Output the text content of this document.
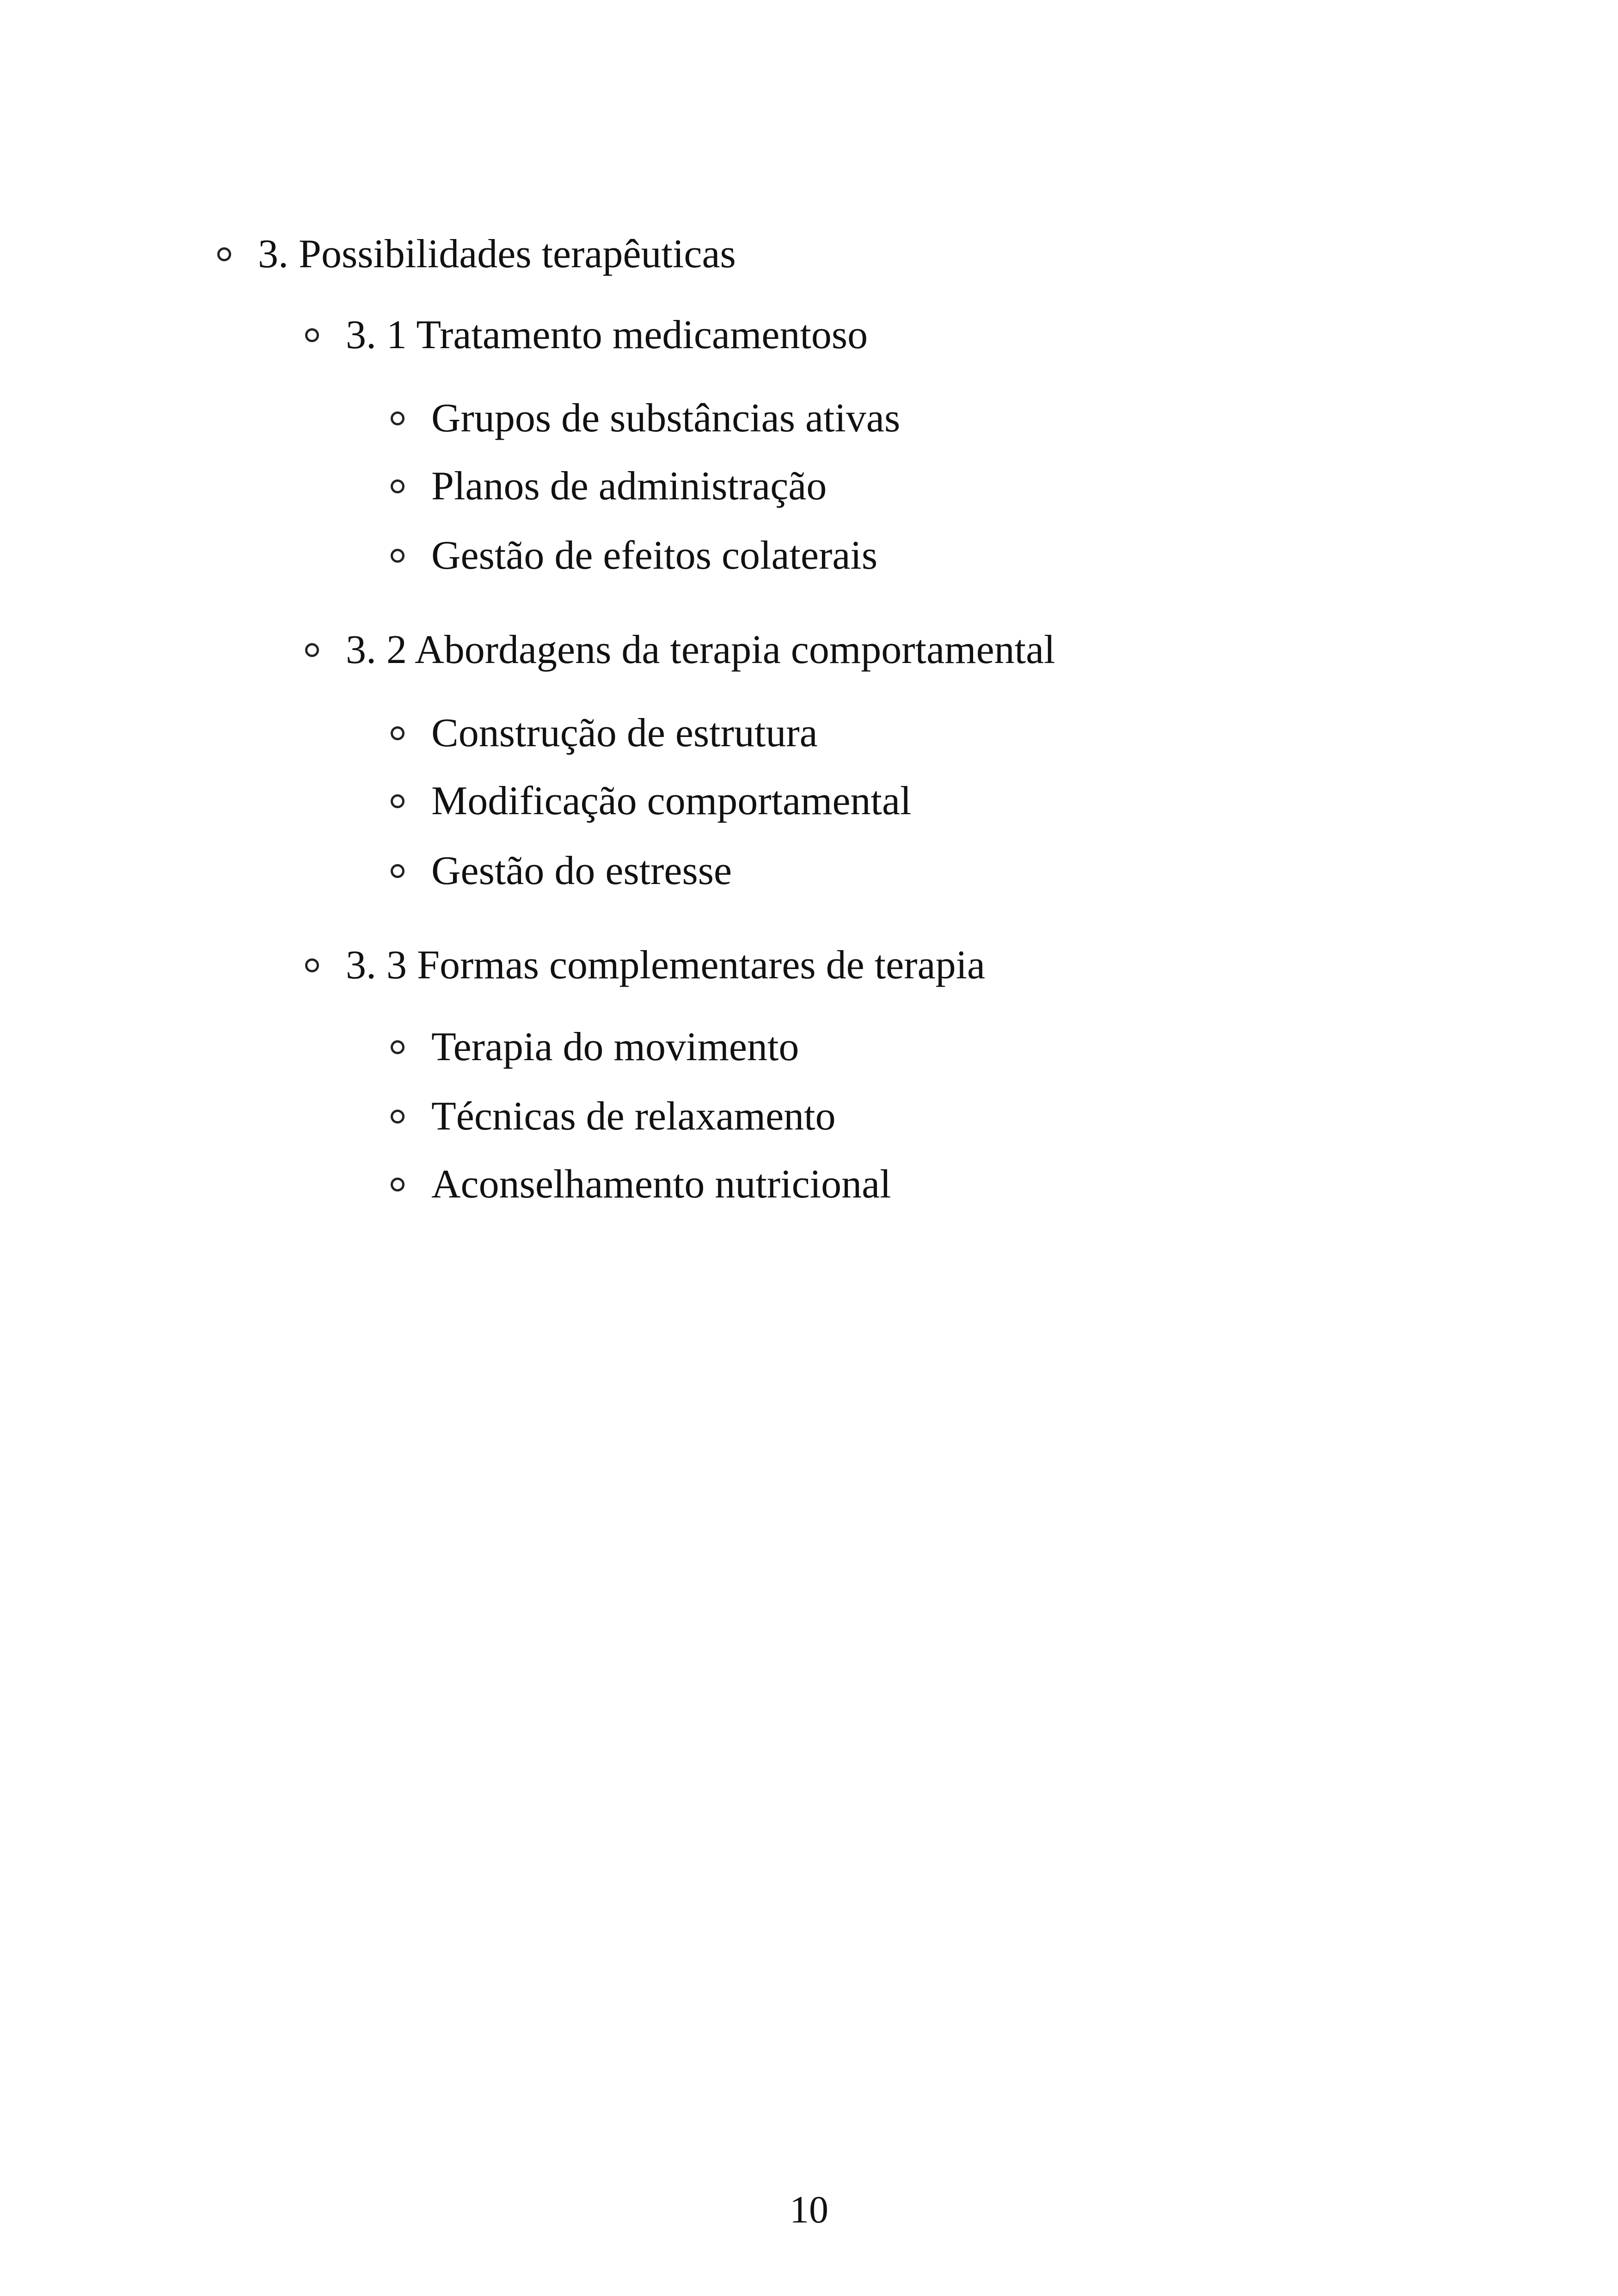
3. Possibilidades terapêuticas
3. 1 Tratamento medicamentoso
Grupos de substâncias ativas
Planos de administração
Gestão de efeitos colaterais
3. 2 Abordagens da terapia comportamental
Construção de estrutura
Modificação comportamental
Gestão do estresse
3. 3 Formas complementares de terapia
Terapia do movimento
Técnicas de relaxamento
Aconselhamento nutricional
10
